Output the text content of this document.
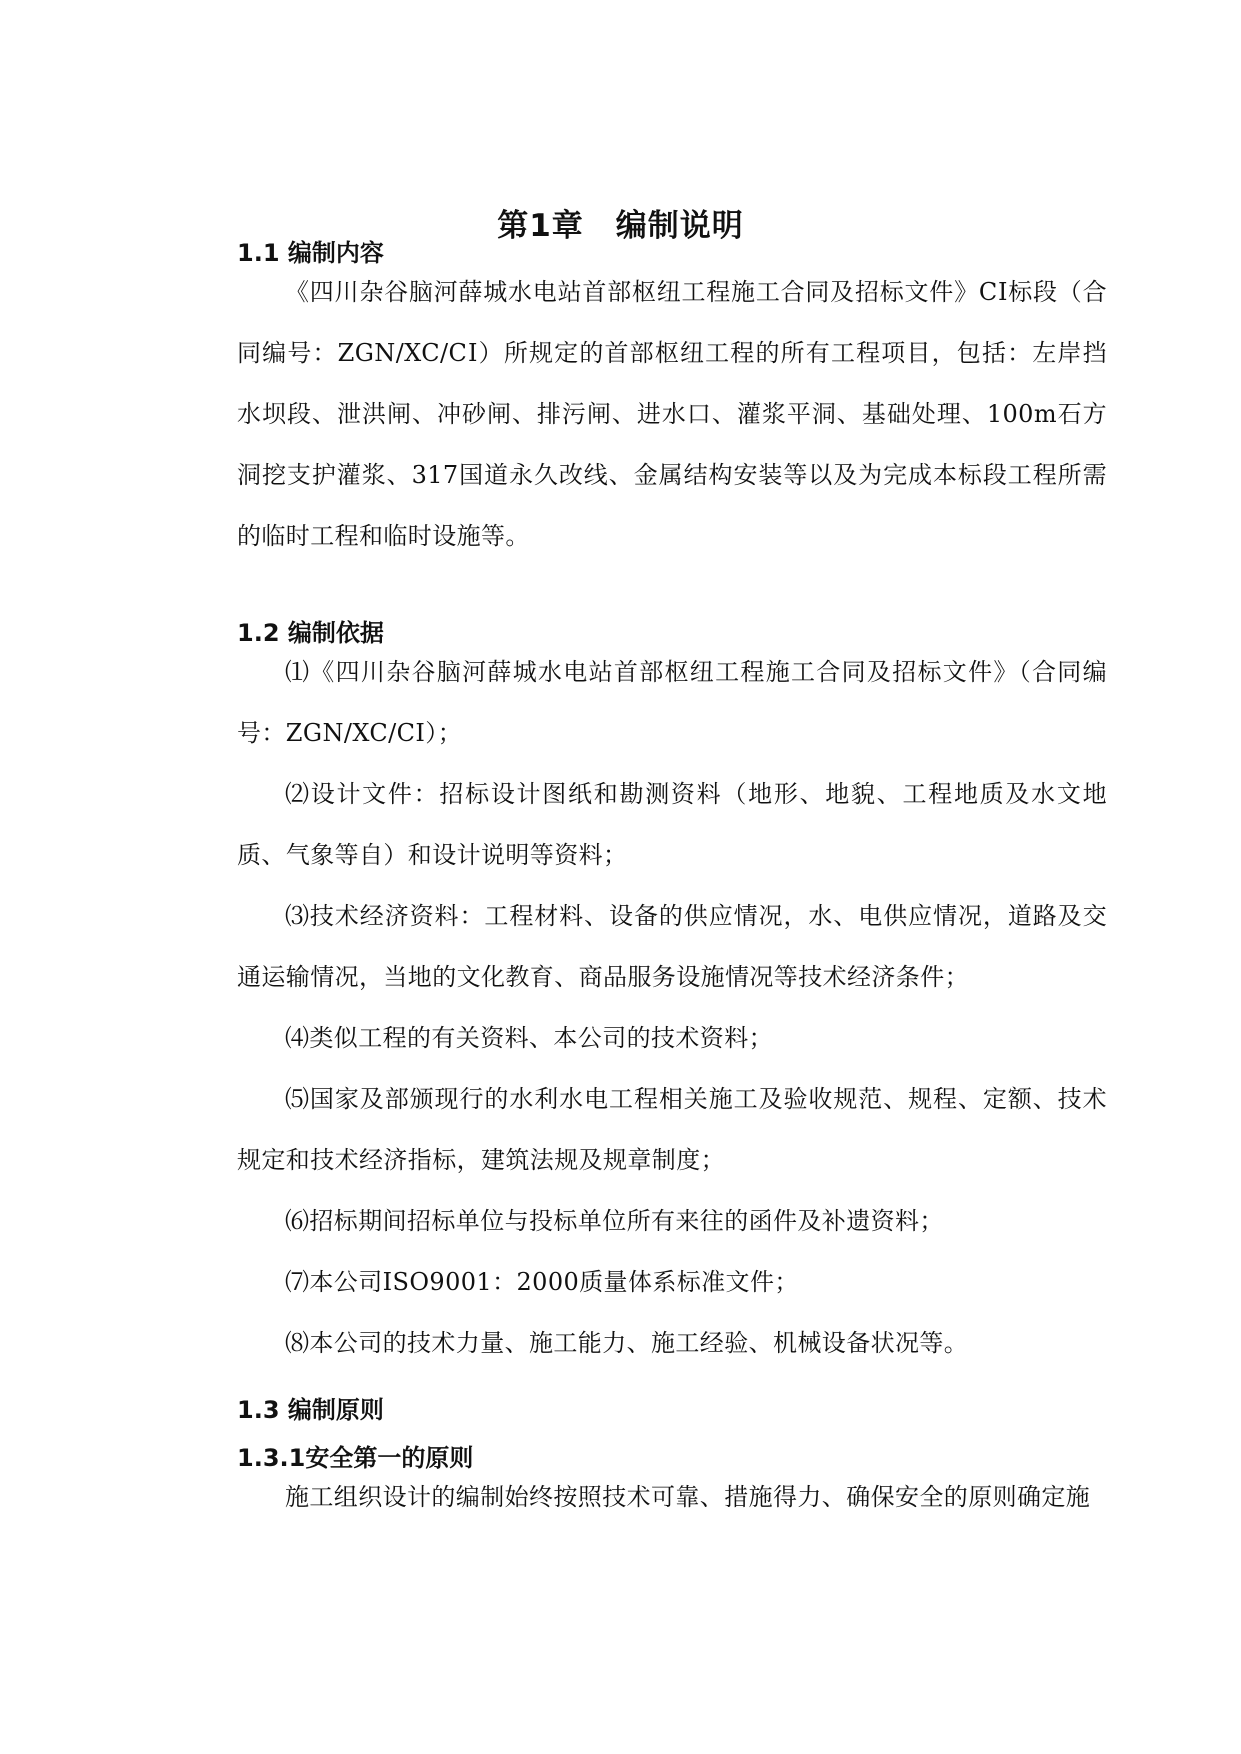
第1章　编制说明
1.1 编制内容
《四川杂谷脑河薛城水电站首部枢纽工程施工合同及招标文件》CⅠ标段（合同编号：ZGN/XC/CⅠ）所规定的首部枢纽工程的所有工程项目，包括：左岸挡水坝段、泄洪闸、冲砂闸、排污闸、进水口、灌浆平洞、基础处理、100m石方洞挖支护灌浆、317国道永久改线、金属结构安装等以及为完成本标段工程所需的临时工程和临时设施等。
1.2 编制依据
⑴《四川杂谷脑河薛城水电站首部枢纽工程施工合同及招标文件》（合同编号：ZGN/XC/CⅠ）；
⑵设计文件：招标设计图纸和勘测资料（地形、地貌、工程地质及水文地质、气象等自）和设计说明等资料；
⑶技术经济资料：工程材料、设备的供应情况，水、电供应情况，道路及交通运输情况，当地的文化教育、商品服务设施情况等技术经济条件；
⑷类似工程的有关资料、本公司的技术资料；
⑸国家及部颁现行的水利水电工程相关施工及验收规范、规程、定额、技术规定和技术经济指标，建筑法规及规章制度；
⑹招标期间招标单位与投标单位所有来往的函件及补遗资料；
⑺本公司ISO9001：2000质量体系标准文件；
⑻本公司的技术力量、施工能力、施工经验、机械设备状况等。
1.3 编制原则
1.3.1安全第一的原则
施工组织设计的编制始终按照技术可靠、措施得力、确保安全的原则确定施
